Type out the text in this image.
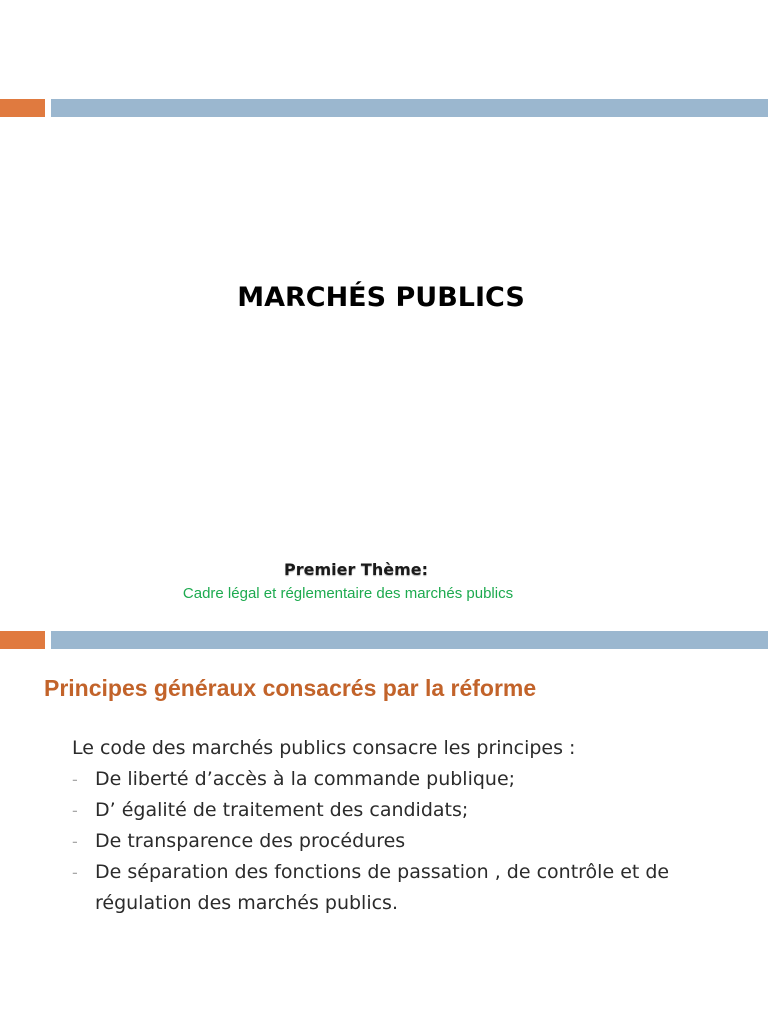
MARCHÉS PUBLICS
Premier Thème:
Cadre légal et réglementaire des marchés publics
Principes généraux consacrés par la réforme

Le code des marchés publics consacre les principes :

- De liberté d’accès à la commande publique;
- D’ égalité de traitement des candidats;
- De transparence des procédures
- De séparation des fonctions de passation , de contrôle et de régulation des marchés publics.
